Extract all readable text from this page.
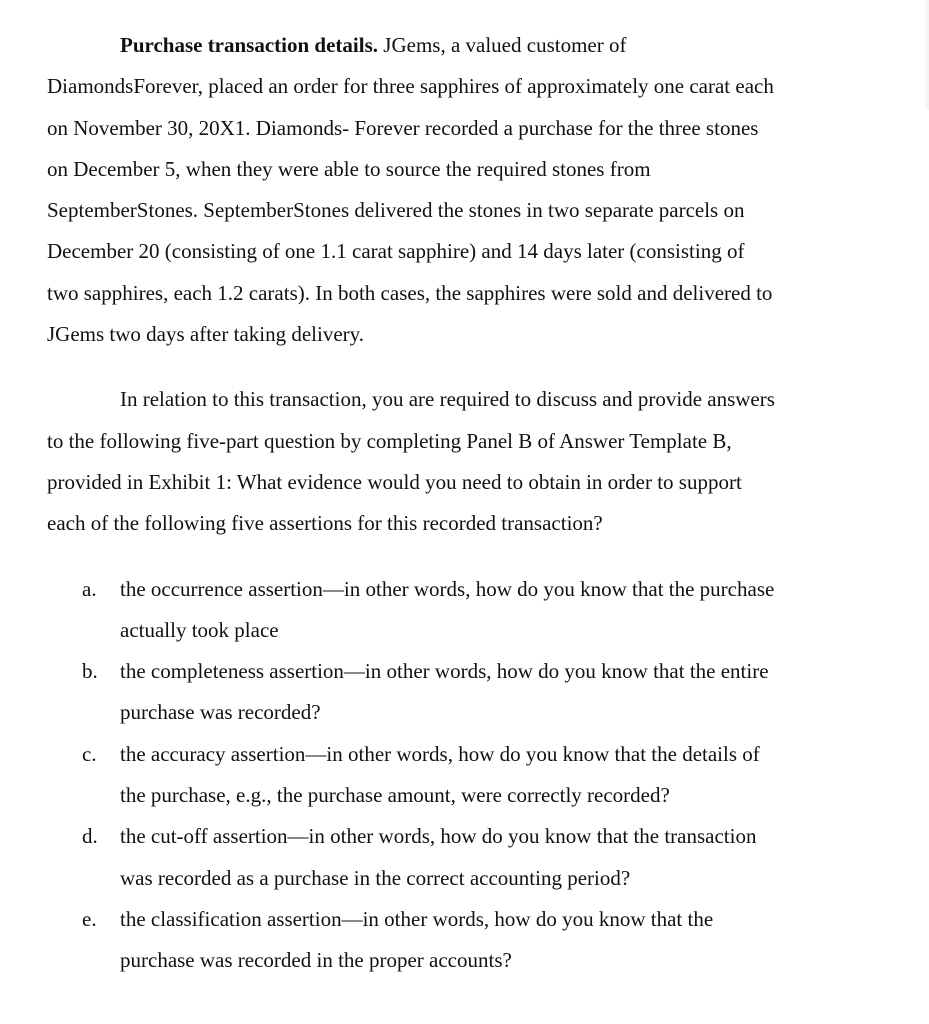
Purchase transaction details. JGems, a valued customer of
DiamondsForever, placed an order for three sapphires of approximately one carat each
on November 30, 20X1. Diamonds- Forever recorded a purchase for the three stones
on December 5, when they were able to source the required stones from
SeptemberStones. SeptemberStones delivered the stones in two separate parcels on
December 20 (consisting of one 1.1 carat sapphire) and 14 days later (consisting of
two sapphires, each 1.2 carats). In both cases, the sapphires were sold and delivered to
JGems two days after taking delivery.
In relation to this transaction, you are required to discuss and provide answers
to the following five-part question by completing Panel B of Answer Template B,
provided in Exhibit 1: What evidence would you need to obtain in order to support
each of the following five assertions for this recorded transaction?
a. the occurrence assertion—in other words, how do you know that the purchase
actually took place
b. the completeness assertion—in other words, how do you know that the entire
purchase was recorded?
c. the accuracy assertion—in other words, how do you know that the details of
the purchase, e.g., the purchase amount, were correctly recorded?
d. the cut-off assertion—in other words, how do you know that the transaction
was recorded as a purchase in the correct accounting period?
e. the classification assertion—in other words, how do you know that the
purchase was recorded in the proper accounts?
